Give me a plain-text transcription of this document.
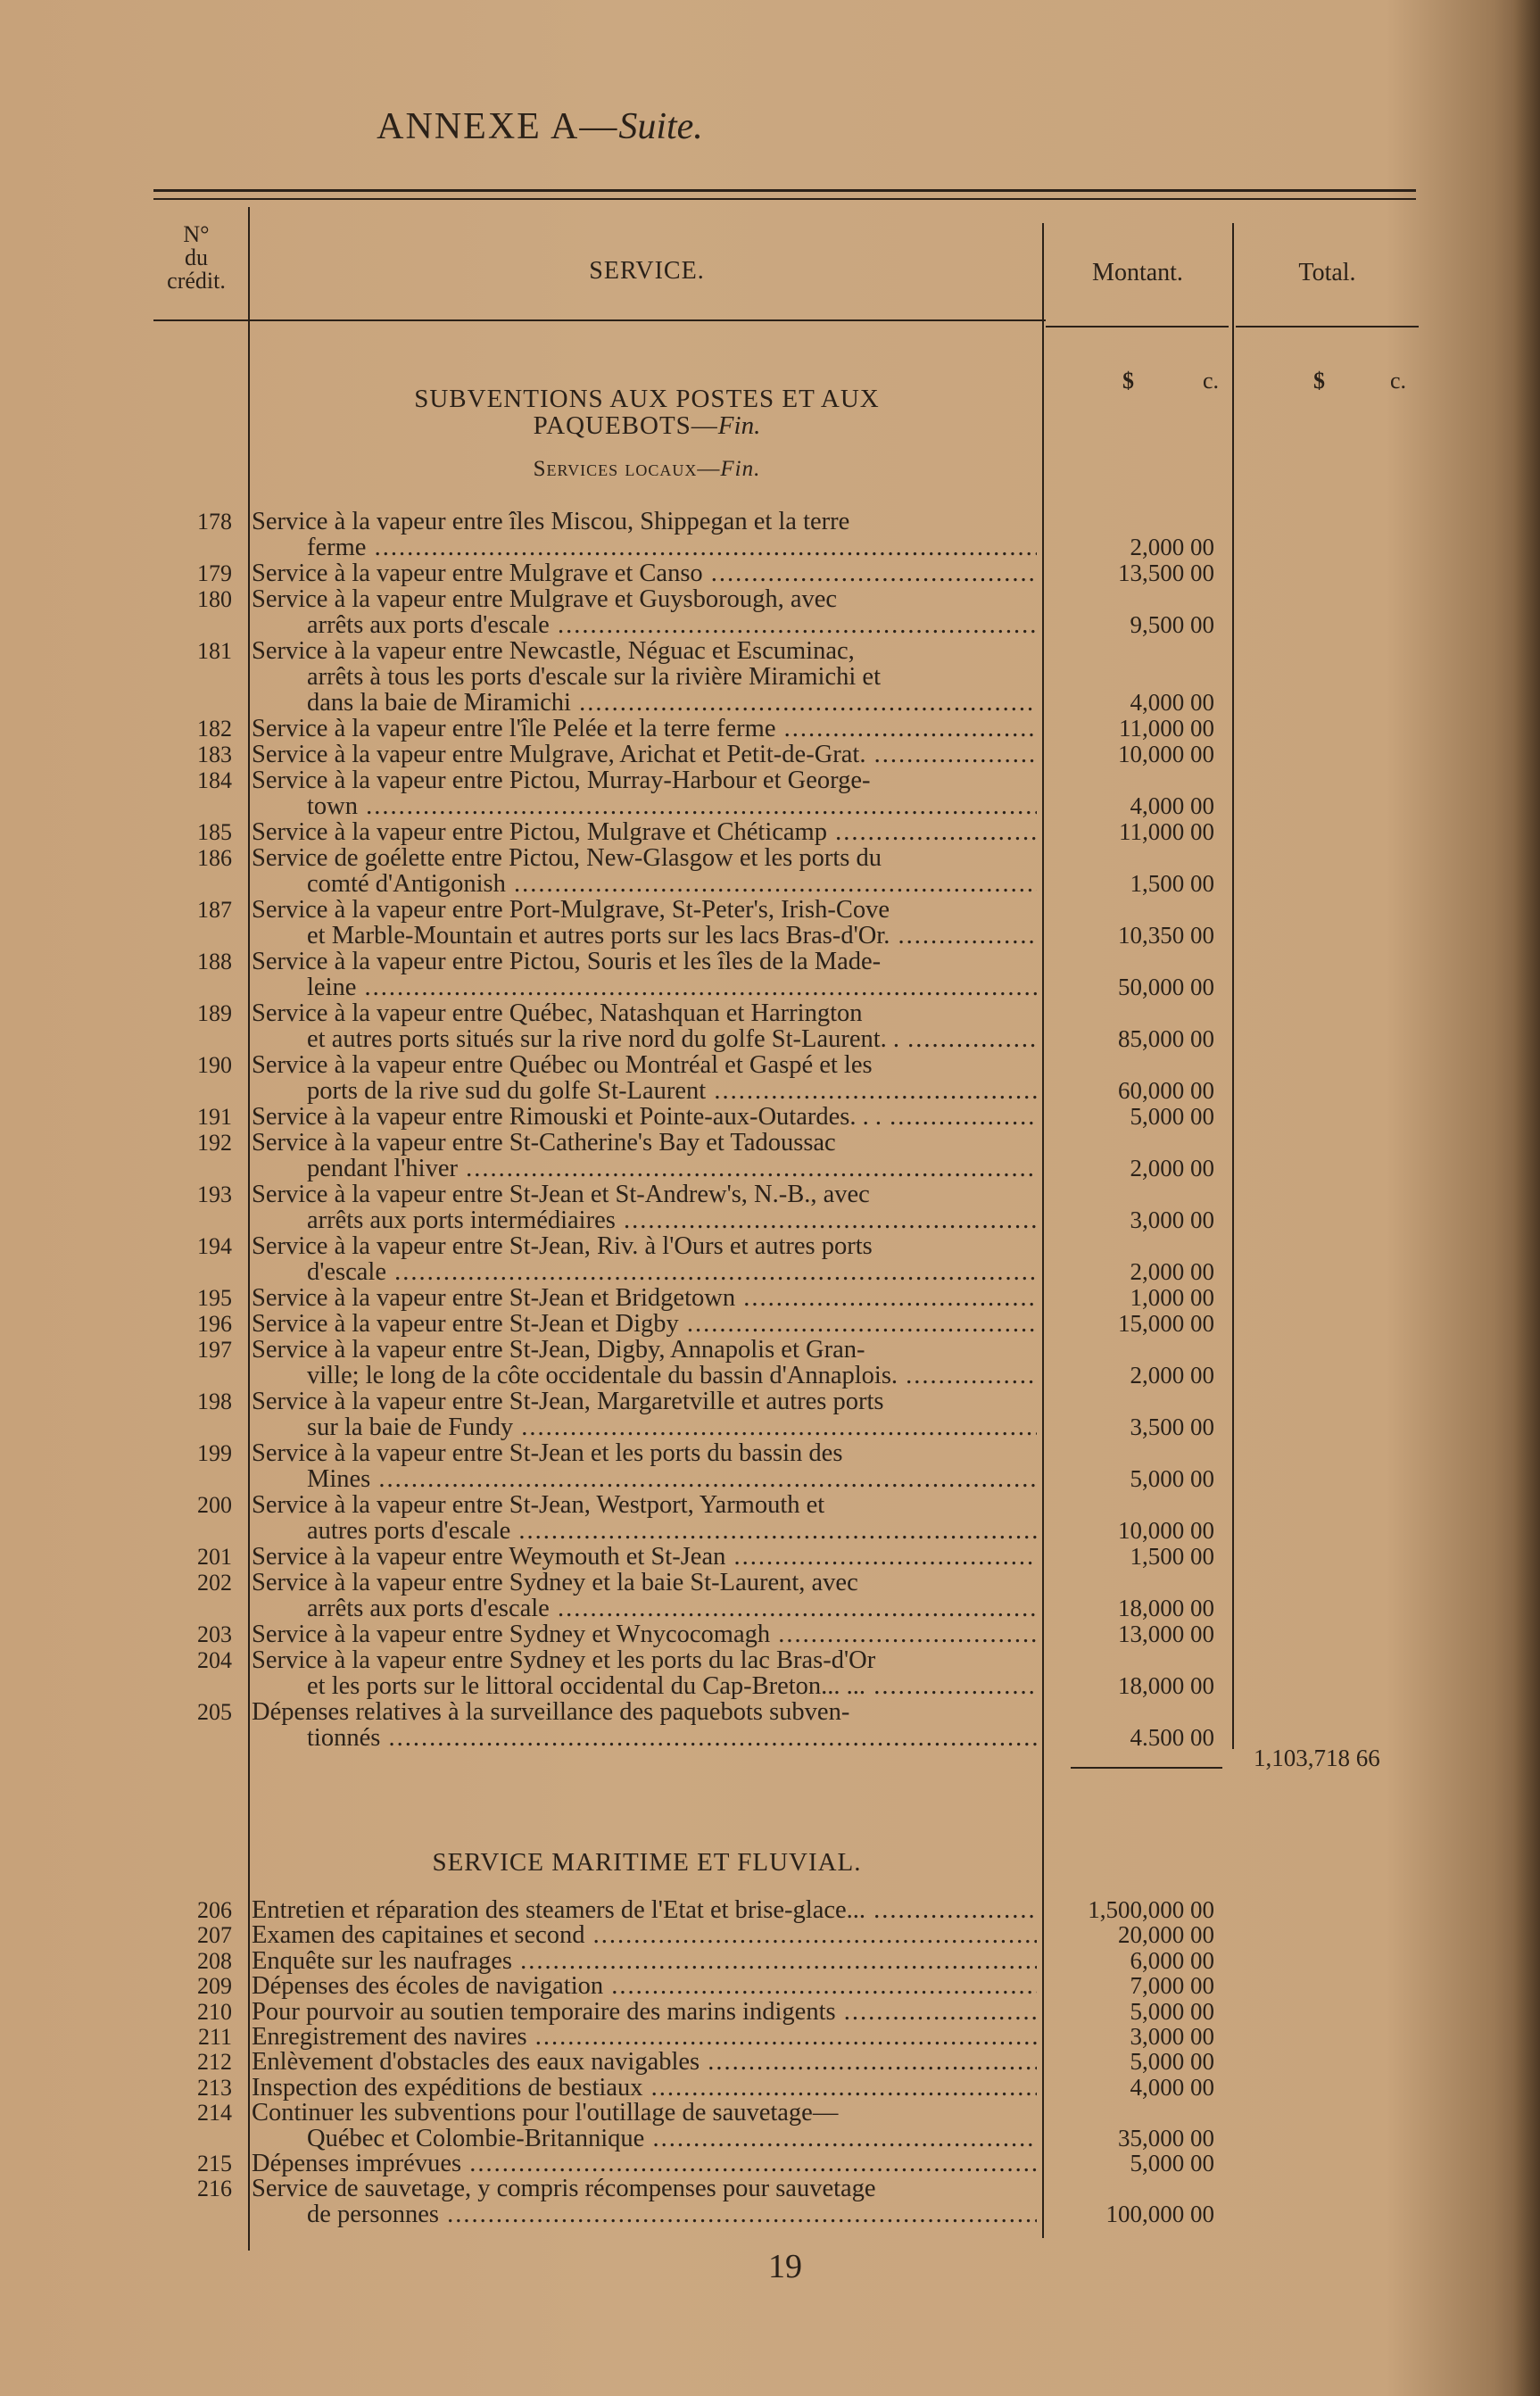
ANNEXE A—Suite.
N°
du
crédit.	SERVICE.	Montant.	Total.
$	c.	$	c.
SUBVENTIONS AUX POSTES ET AUX
PAQUEBOTS—Fin.
Services locaux—Fin.
178 Service à la vapeur entre îles Miscou, Shippegan et la terre
ferme .....	2,000 00
179 Service à la vapeur entre Mulgrave et Canso .....	13,500 00
180 Service à la vapeur entre Mulgrave et Guysborough, avec
arrêts aux ports d'escale .....	9,500 00
181 Service à la vapeur entre Newcastle, Néguac et Escuminac,
arrêts à tous les ports d'escale sur la rivière Miramichi et
dans la baie de Miramichi .....	4,000 00
182 Service à la vapeur entre l'île Pelée et la terre ferme .....	11,000 00
183 Service à la vapeur entre Mulgrave, Arichat et Petit-de-Grat. .....	10,000 00
184 Service à la vapeur entre Pictou, Murray-Harbour et George-
town .....	4,000 00
185 Service à la vapeur entre Pictou, Mulgrave et Chéticamp .....	11,000 00
186 Service de goélette entre Pictou, New-Glasgow et les ports du
comté d'Antigonish .....	1,500 00
187 Service à la vapeur entre Port-Mulgrave, St-Peter's, Irish-Cove
et Marble-Mountain et autres ports sur les lacs Bras-d'Or. .....	10,350 00
188 Service à la vapeur entre Pictou, Souris et les îles de la Made-
leine .....	50,000 00
189 Service à la vapeur entre Québec, Natashquan et Harrington
et autres ports situés sur la rive nord du golfe St-Laurent. . .....	85,000 00
190 Service à la vapeur entre Québec ou Montréal et Gaspé et les
ports de la rive sud du golfe St-Laurent .....	60,000 00
191 Service à la vapeur entre Rimouski et Pointe-aux-Outardes. . . .....	5,000 00
192 Service à la vapeur entre St-Catherine's Bay et Tadoussac
pendant l'hiver .....	2,000 00
193 Service à la vapeur entre St-Jean et St-Andrew's, N.-B., avec
arrêts aux ports intermédiaires .....	3,000 00
194 Service à la vapeur entre St-Jean, Riv. à l'Ours et autres ports
d'escale .....	2,000 00
195 Service à la vapeur entre St-Jean et Bridgetown .....	1,000 00
196 Service à la vapeur entre St-Jean et Digby .....	15,000 00
197 Service à la vapeur entre St-Jean, Digby, Annapolis et Gran-
ville; le long de la côte occidentale du bassin d'Annaplois. .....	2,000 00
198 Service à la vapeur entre St-Jean, Margaretville et autres ports
sur la baie de Fundy .....	3,500 00
199 Service à la vapeur entre St-Jean et les ports du bassin des
Mines .....	5,000 00
200 Service à la vapeur entre St-Jean, Westport, Yarmouth et
autres ports d'escale .....	10,000 00
201 Service à la vapeur entre Weymouth et St-Jean .....	1,500 00
202 Service à la vapeur entre Sydney et la baie St-Laurent, avec
arrêts aux ports d'escale .....	18,000 00
203 Service à la vapeur entre Sydney et Wnycocomagh .....	13,000 00
204 Service à la vapeur entre Sydney et les ports du lac Bras-d'Or
et les ports sur le littoral occidental du Cap-Breton... ... .....	18,000 00
205 Dépenses relatives à la surveillance des paquebots subven-
tionnés .....	4.500 00
1,103,718 66
SERVICE MARITIME ET FLUVIAL.
206 Entretien et réparation des steamers de l'Etat et brise-glace... .....	1,500,000 00
207 Examen des capitaines et second .....	20,000 00
208 Enquête sur les naufrages .....	6,000 00
209 Dépenses des écoles de navigation .....	7,000 00
210 Pour pourvoir au soutien temporaire des marins indigents .....	5,000 00
211 Enregistrement des navires .....	3,000 00
212 Enlèvement d'obstacles des eaux navigables .....	5,000 00
213 Inspection des expéditions de bestiaux .....	4,000 00
214 Continuer les subventions pour l'outillage de sauvetage—
Québec et Colombie-Britannique .....	35,000 00
215 Dépenses imprévues .....	5,000 00
216 Service de sauvetage, y compris récompenses pour sauvetage
de personnes .....	100,000 00
19
